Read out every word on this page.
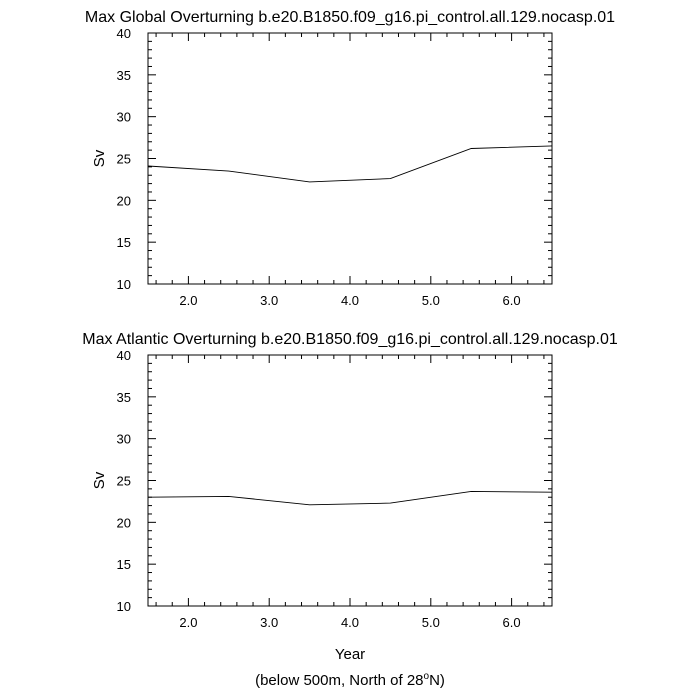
Max Global Overturning b.e20.B1850.f09_g16.pi_control.all.129.nocasp.01
10
15
20
25
30
35
40
2.0	3.0	4.0	5.0	6.0
Sv
Max Atlantic Overturning b.e20.B1850.f09_g16.pi_control.all.129.nocasp.01
10
15
20
25
30
35
40
2.0	3.0	4.0	5.0	6.0
Sv
Year
(below 500m, North of 28$^o$N)
